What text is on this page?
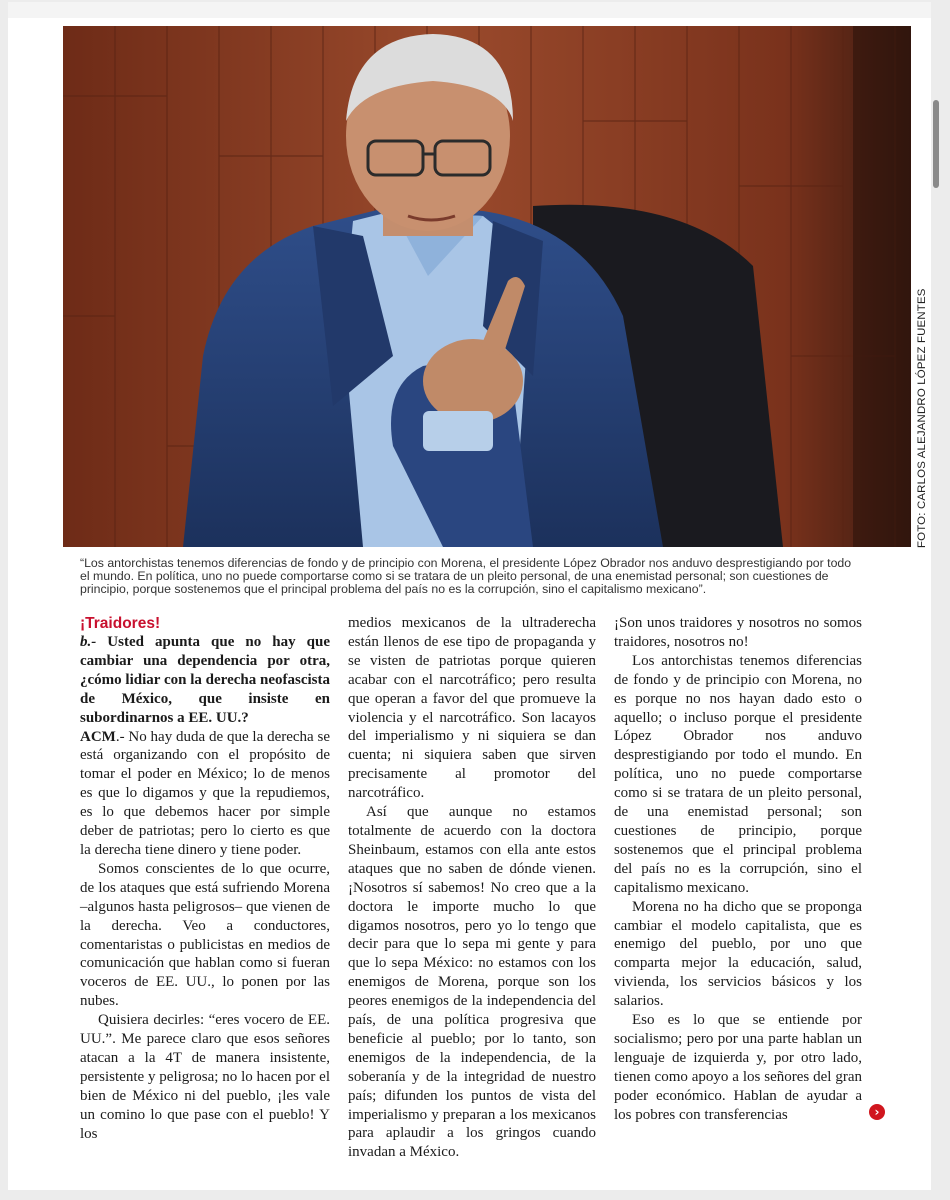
FOTO: CARLOS ALEJANDRO LÓPEZ FUENTES
“Los antorchistas tenemos diferencias de fondo y de principio con Morena, el presidente López Obrador nos anduvo desprestigiando por todo el mundo. En política, uno no puede comportarse como si se tratara de un pleito personal, de una enemistad personal; son cuestiones de principio, porque sostenemos que el principal problema del país no es la corrupción, sino el capitalismo mexicano”.
¡Traidores!

b.- Usted apunta que no hay que cambiar una dependencia por otra, ¿cómo lidiar con la derecha neofascista de México, que insiste en subordinarnos a EE. UU.?

ACM.- No hay duda de que la derecha se está organizando con el propósito de tomar el poder en México; lo de menos es que lo digamos y que la repudiemos, es lo que debemos hacer por simple deber de patriotas; pero lo cierto es que la derecha tiene dinero y tiene poder.

Somos conscientes de lo que ocurre, de los ataques que está sufriendo Morena –algunos hasta peligrosos– que vienen de la derecha. Veo a conductores, comentaristas o publicistas en medios de comunicación que hablan como si fueran voceros de EE. UU., lo ponen por las nubes.

Quisiera decirles: “eres vocero de EE. UU.”. Me parece claro que esos señores atacan a la 4T de manera insistente, persistente y peligrosa; no lo hacen por el bien de México ni del pueblo, ¡les vale un comino lo que pase con el pueblo! Y los

medios mexicanos de la ultraderecha están llenos de ese tipo de propaganda y se visten de patriotas porque quieren acabar con el narcotráfico; pero resulta que operan a favor del que promueve la violencia y el narcotráfico. Son lacayos del imperialismo y ni siquiera se dan cuenta; ni siquiera saben que sirven precisamente al promotor del narcotráfico.

Así que aunque no estamos totalmente de acuerdo con la doctora Sheinbaum, estamos con ella ante estos ataques que no saben de dónde vienen. ¡Nosotros sí sabemos! No creo que a la doctora le importe mucho lo que digamos nosotros, pero yo lo tengo que decir para que lo sepa mi gente y para que lo sepa México: no estamos con los enemigos de Morena, porque son los peores enemigos de la independencia del país, de una política progresiva que beneficie al pueblo; por lo tanto, son enemigos de la independencia, de la soberanía y de la integridad de nuestro país; difunden los puntos de vista del imperialismo y preparan a los mexicanos para aplaudir a los gringos cuando invadan a México.

¡Son unos traidores y nosotros no somos traidores, nosotros no!

Los antorchistas tenemos diferencias de fondo y de principio con Morena, no es porque no nos hayan dado esto o aquello; o incluso porque el presidente López Obrador nos anduvo desprestigiando por todo el mundo. En política, uno no puede comportarse como si se tratara de un pleito personal, de una enemistad personal; son cuestiones de principio, porque sostenemos que el principal problema del país no es la corrupción, sino el capitalismo mexicano.

Morena no ha dicho que se proponga cambiar el modelo capitalista, que es enemigo del pueblo, por uno que comparta mejor la educación, salud, vivienda, los servicios básicos y los salarios.

Eso es lo que se entiende por socialismo; pero por una parte hablan un lenguaje de izquierda y, por otro lado, tienen como apoyo a los señores del gran poder económico. Hablan de ayudar a los pobres con transferencias	›
